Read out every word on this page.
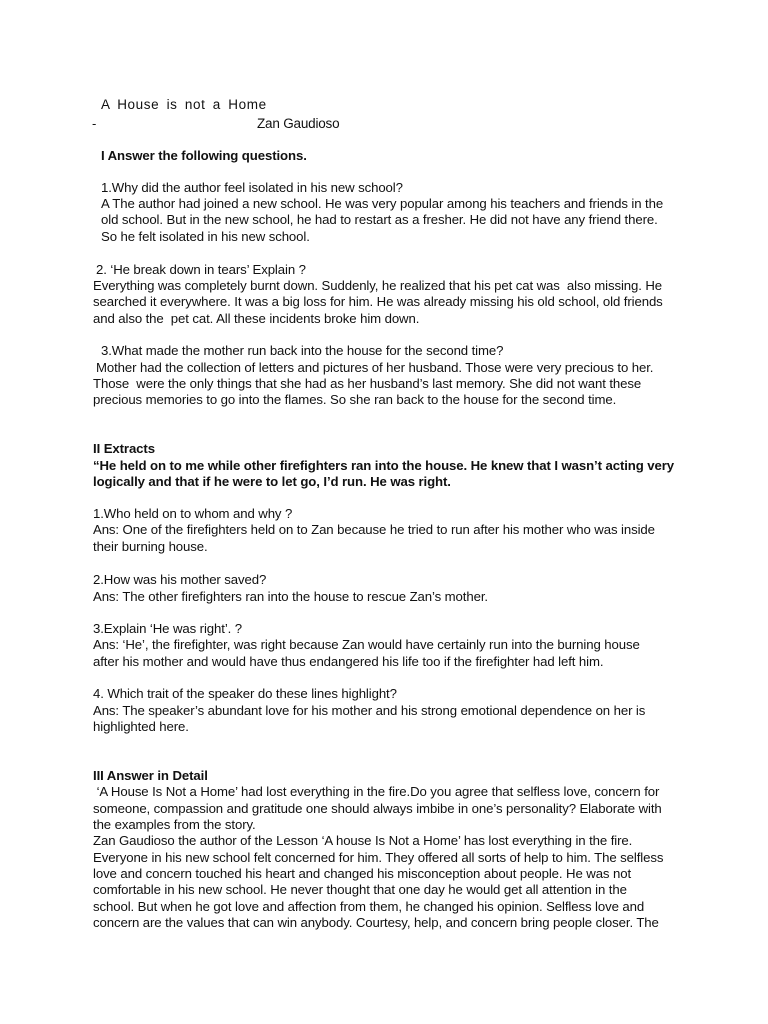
A House is not a Home
-	Zan Gaudioso
I Answer the following questions.
1.Why did the author feel isolated in his new school?
A The author had joined a new school. He was very popular among his teachers and friends in the
old school. But in the new school, he had to restart as a fresher. He did not have any friend there.
So he felt isolated in his new school.
2. ‘He break down in tears’ Explain ?
Everything was completely burnt down. Suddenly, he realized that his pet cat was  also missing. He
searched it everywhere. It was a big loss for him. He was already missing his old school, old friends
and also the  pet cat. All these incidents broke him down.
3.What made the mother run back into the house for the second time?
Mother had the collection of letters and pictures of her husband. Those were very precious to her.
Those  were the only things that she had as her husband’s last memory. She did not want these
precious memories to go into the flames. So she ran back to the house for the second time.
II Extracts
“He held on to me while other firefighters ran into the house. He knew that I wasn’t acting very
logically and that if he were to let go, I’d run. He was right.
1.Who held on to whom and why ?
Ans: One of the firefighters held on to Zan because he tried to run after his mother who was inside
their burning house.
2.How was his mother saved?
Ans: The other firefighters ran into the house to rescue Zan’s mother.
3.Explain ‘He was right’. ?
Ans: ‘He’, the firefighter, was right because Zan would have certainly run into the burning house
after his mother and would have thus endangered his life too if the firefighter had left him.
4. Which trait of the speaker do these lines highlight?
Ans: The speaker’s abundant love for his mother and his strong emotional dependence on her is
highlighted here.
III Answer in Detail
‘A House Is Not a Home’ had lost everything in the fire.Do you agree that selfless love, concern for
someone, compassion and gratitude one should always imbibe in one’s personality? Elaborate with
the examples from the story.
Zan Gaudioso the author of the Lesson ‘A house Is Not a Home’ has lost everything in the fire.
Everyone in his new school felt concerned for him. They offered all sorts of help to him. The selfless
love and concern touched his heart and changed his misconception about people. He was not
comfortable in his new school. He never thought that one day he would get all attention in the
school. But when he got love and affection from them, he changed his opinion. Selfless love and
concern are the values that can win anybody. Courtesy, help, and concern bring people closer. The
